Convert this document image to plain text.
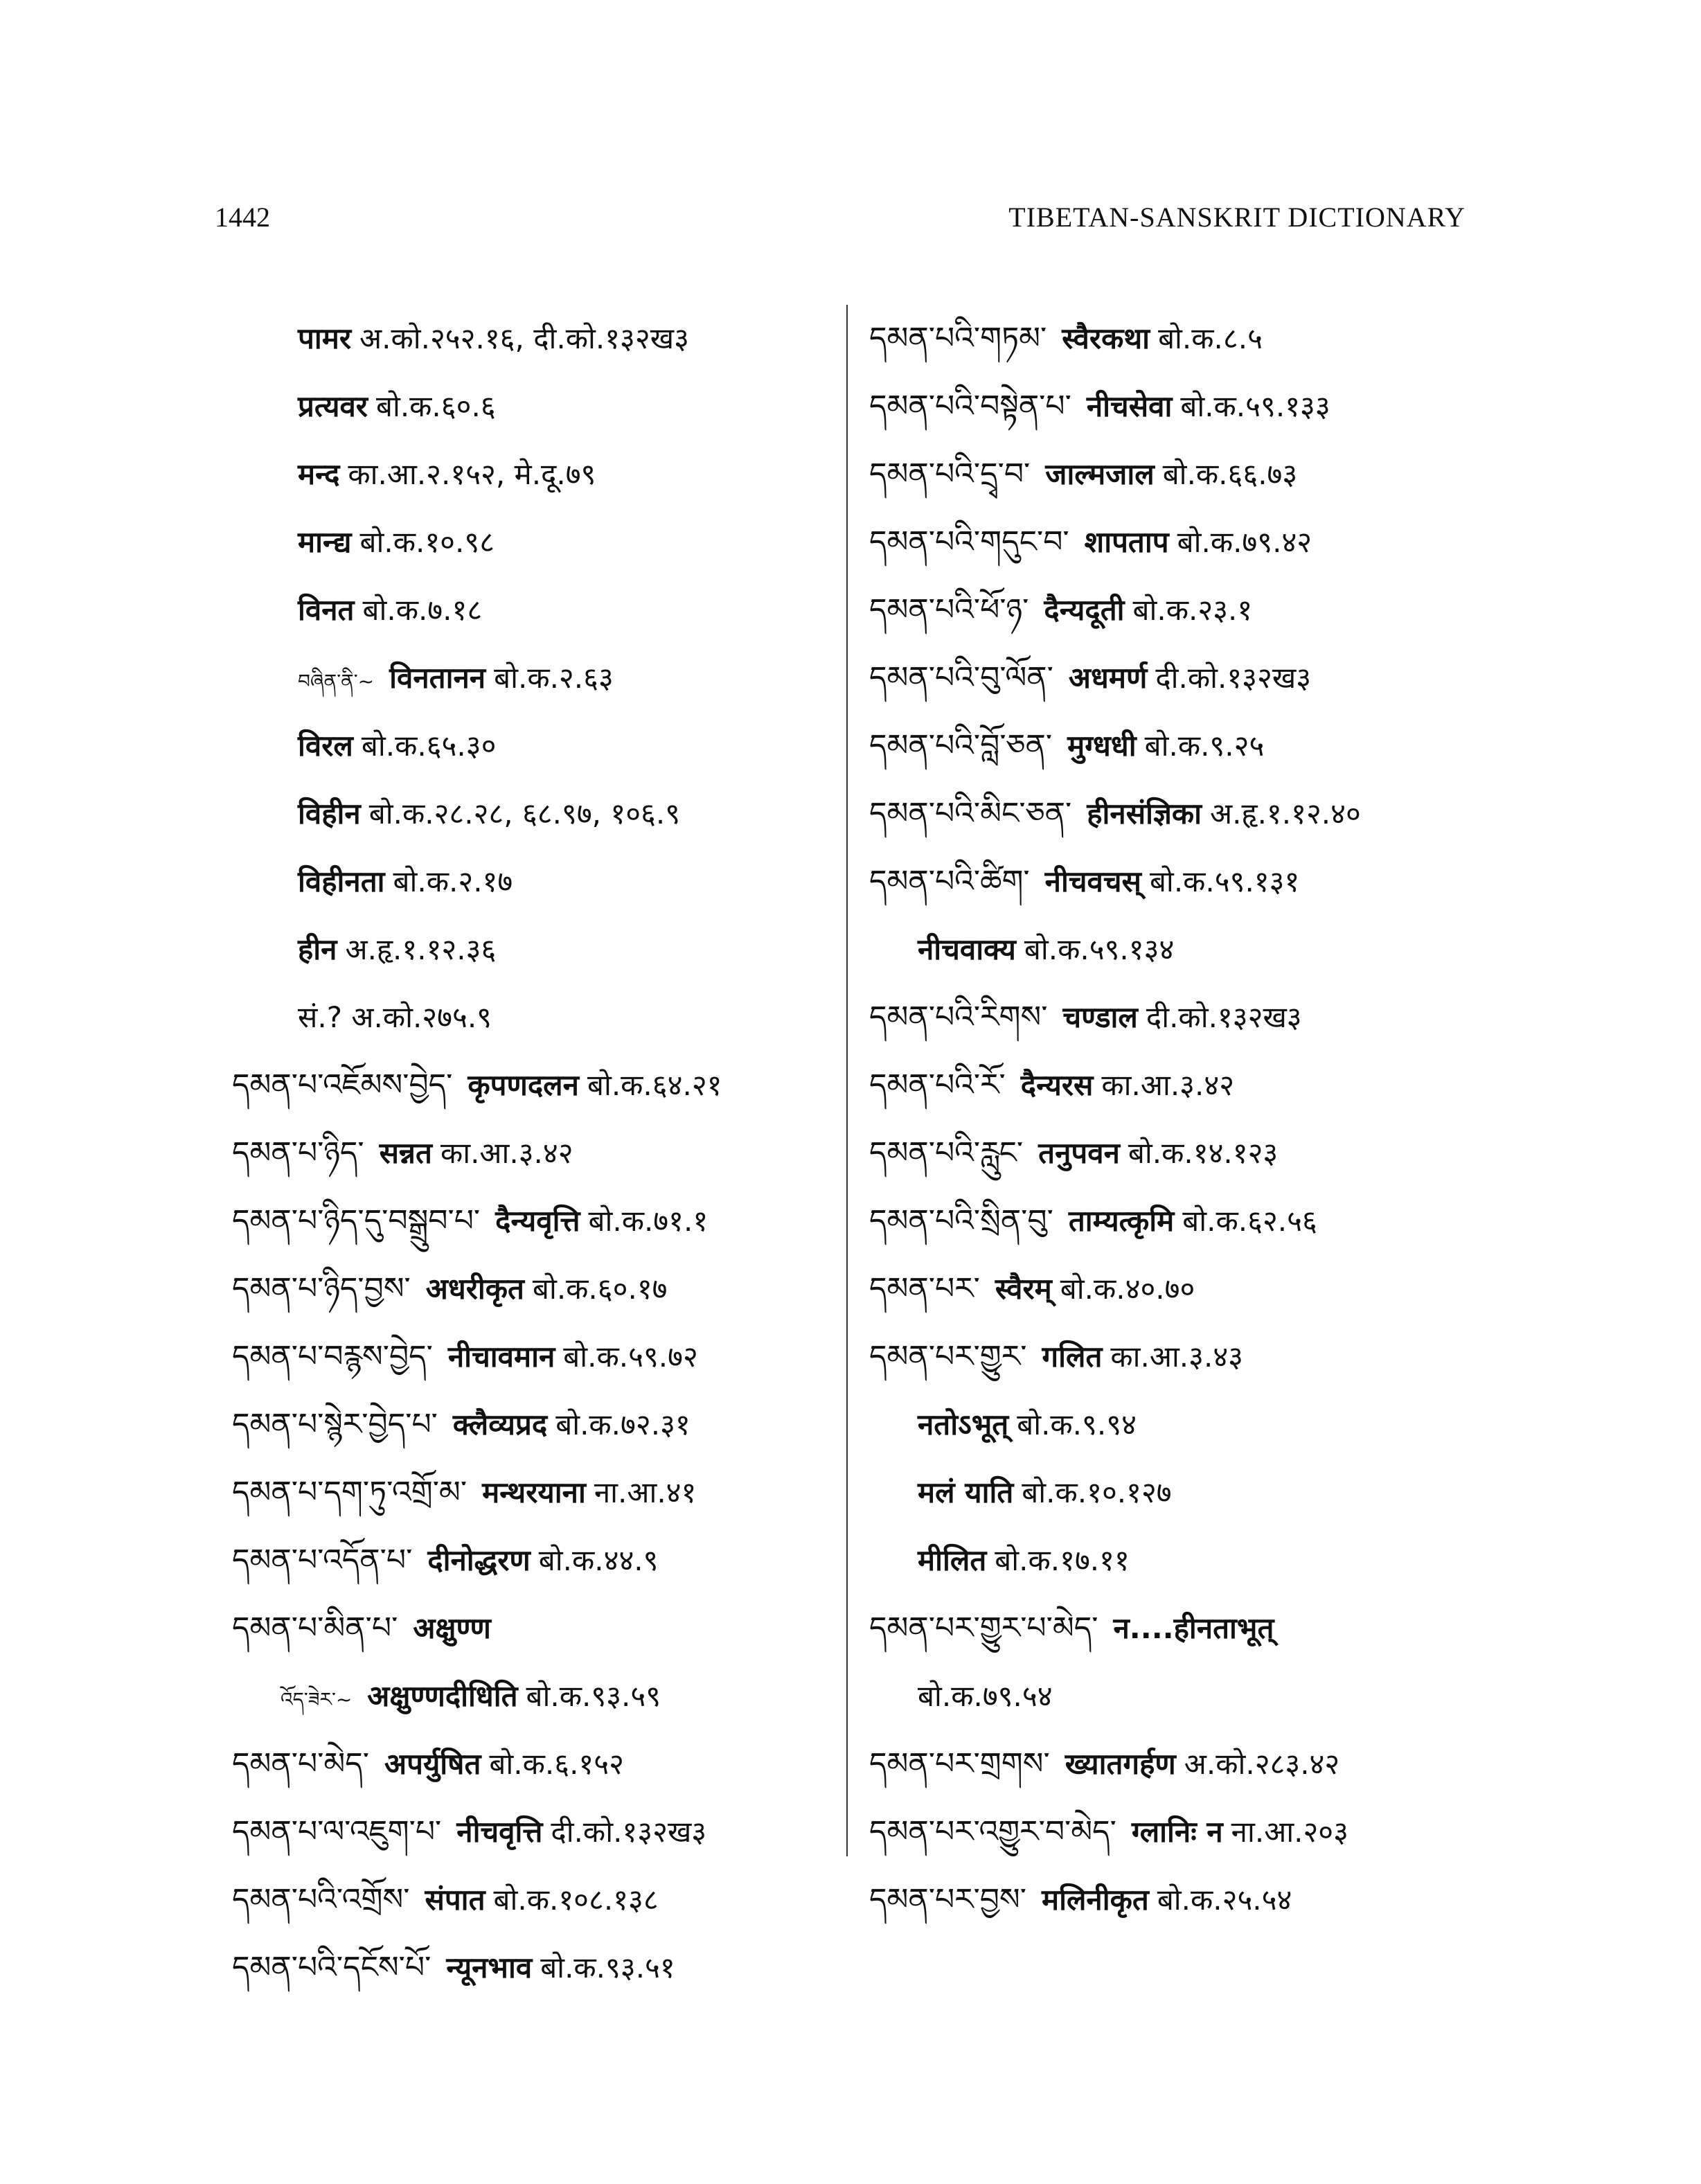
1442	TIBETAN-SANSKRIT DICTIONARY
पामर अ.को.२५२.१६, दी.को.१३२ख३
प्रत्यवर बो.क.६०.६
मन्द का.आ.२.१५२, मे.दू.७९
मान्द्य बो.क.१०.९८
विनत बो.क.७.१८
བཞིན་ནི་~ विनतानन बो.क.२.६३
विरल बो.क.६५.३०
विहीन बो.क.२८.२८, ६८.९७, १०६.९
विहीनता बो.क.२.१७
हीन अ.हृ.१.१२.३६
सं.? अ.को.२७५.९
དམན་པ་འཇོམས་བྱེད་ कृपणदलन बो.क.६४.२१
དམན་པ་ཉིད་ सन्नत का.आ.३.४२
དམན་པ་ཉིད་དུ་བསྒྲུབ་པ་ दैन्यवृत्ति बो.क.७१.१
དམན་པ་ཉིད་བྱས་ अधरीकृत बो.क.६०.१७
དམན་པ་བརྙས་བྱེད་ नीचावमान बो.क.५९.७२
དམན་པ་སྙེར་བྱེད་པ་ क्लैव्यप्रद बो.क.७२.३१
དམན་པ་དག་ཏུ་འགྲོ་མ་ मन्थरयाना ना.आ.४१
དམན་པ་འདོན་པ་ दीनोद्धरण बो.क.४४.९
དམན་པ་མིན་པ་ अक्षुण्ण
འོད་ཟེར་~ अक्षुण्णदीधिति बो.क.९३.५९
དམན་པ་མེད་ अपर्युषित बो.क.६.१५२
དམན་པ་ལ་འཇུག་པ་ नीचवृत्ति दी.को.१३२ख३
དམན་པའི་འགྲོས་ संपात बो.क.१०८.१३८
དམན་པའི་དངོས་པོ་ न्यूनभाव बो.क.९३.५१
དམན་པའི་གཏམ་ स्वैरकथा बो.क.८.५
དམན་པའི་བསྟེན་པ་ नीचसेवा बो.क.५९.१३३
དམན་པའི་དྲྭ་བ་ जाल्मजाल बो.क.६६.७३
དམན་པའི་གདུང་བ་ शापताप बो.क.७९.४२
དམན་པའི་ཕོ་ཉ་ दैन्यदूती बो.क.२३.१
དམན་པའི་བུ་ལོན་ अधमर्ण दी.को.१३२ख३
དམན་པའི་བློ་ཅན་ मुग्धधी बो.क.९.२५
དམན་པའི་མིང་ཅན་ हीनसंज्ञिका अ.हृ.१.१२.४०
དམན་པའི་ཚིག་ नीचवचस् बो.क.५९.१३१
नीचवाक्य बो.क.५९.१३४
དམན་པའི་རིགས་ चण्डाल दी.को.१३२ख३
དམན་པའི་རོ་ दैन्यरस का.आ.३.४२
དམན་པའི་རླུང་ तनुपवन बो.क.१४.१२३
དམན་པའི་སྲིན་བུ་ ताम्यत्कृमि बो.क.६२.५६
དམན་པར་ स्वैरम् बो.क.४०.७०
དམན་པར་གྱུར་ गलित का.आ.३.४३
नतोऽभूत् बो.क.९.९४
मलं याति बो.क.१०.१२७
मीलित बो.क.१७.११
དམན་པར་གྱུར་པ་མེད་ न....हीनताभूत्
बो.क.७९.५४
དམན་པར་གྲགས་ ख्यातगर्हण अ.को.२८३.४२
དམན་པར་འགྱུར་བ་མེད་ ग्लानिः न ना.आ.२०३
དམན་པར་བྱས་ मलिनीकृत बो.क.२५.५४
